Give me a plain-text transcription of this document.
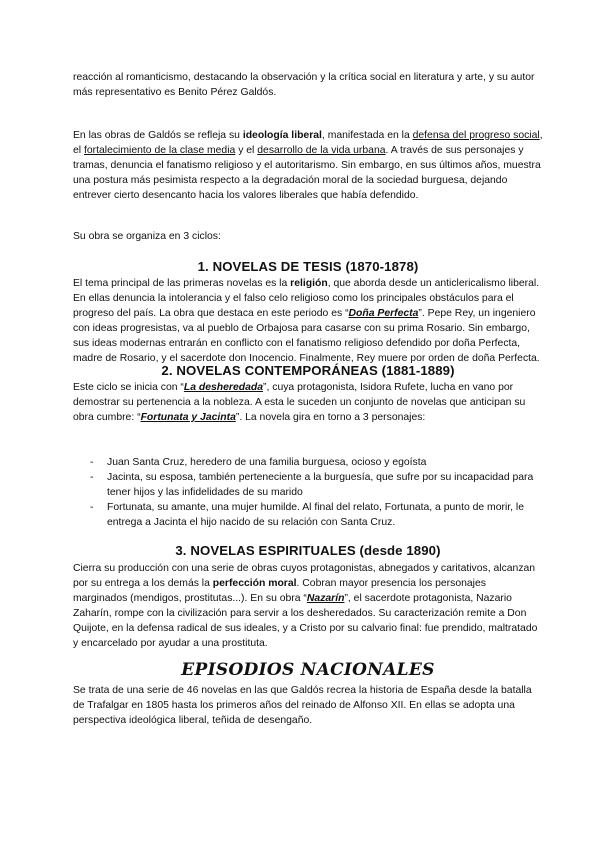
reacción al romanticismo, destacando la observación y la crítica social en literatura y arte, y su autor más representativo es Benito Pérez Galdós.

En las obras de Galdós se refleja su ideología liberal, manifestada en la defensa del progreso social, el fortalecimiento de la clase media y el desarrollo de la vida urbana. A través de sus personajes y tramas, denuncia el fanatismo religioso y el autoritarismo. Sin embargo, en sus últimos años, muestra una postura más pesimista respecto a la degradación moral de la sociedad burguesa, dejando entrever cierto desencanto hacia los valores liberales que había defendido.

Su obra se organiza en 3 ciclos:

1. NOVELAS DE TESIS (1870-1878)

El tema principal de las primeras novelas es la religión, que aborda desde un anticlericalismo liberal. En ellas denuncia la intolerancia y el falso celo religioso como los principales obstáculos para el progreso del país. La obra que destaca en este periodo es “Doña Perfecta”. Pepe Rey, un ingeniero con ideas progresistas, va al pueblo de Orbajosa para casarse con su prima Rosario. Sin embargo, sus ideas modernas entrarán en conflicto con el fanatismo religioso defendido por doña Perfecta, madre de Rosario, y el sacerdote don Inocencio. Finalmente, Rey muere por orden de doña Perfecta.

2. NOVELAS CONTEMPORÁNEAS (1881-1889)

Este ciclo se inicia con “La desheredada”, cuya protagonista, Isidora Rufete, lucha en vano por demostrar su pertenencia a la nobleza. A esta le suceden un conjunto de novelas que anticipan su obra cumbre: “Fortunata y Jacinta”. La novela gira en torno a 3 personajes:

- Juan Santa Cruz, heredero de una familia burguesa, ocioso y egoísta
- Jacinta, su esposa, también perteneciente a la burguesía, que sufre por su incapacidad para tener hijos y las infidelidades de su marido
- Fortunata, su amante, una mujer humilde. Al final del relato, Fortunata, a punto de morir, le entrega a Jacinta el hijo nacido de su relación con Santa Cruz.
3. NOVELAS ESPIRITUALES (desde 1890)

Cierra su producción con una serie de obras cuyos protagonistas, abnegados y caritativos, alcanzan por su entrega a los demás la perfección moral. Cobran mayor presencia los personajes marginados (mendigos, prostitutas...). En su obra “Nazarín”, el sacerdote protagonista, Nazario Zaharín, rompe con la civilización para servir a los desheredados. Su caracterización remite a Don Quijote, en la defensa radical de sus ideales, y a Cristo por su calvario final: fue prendido, maltratado y encarcelado por ayudar a una prostituta.

EPISODIOS NACIONALES

Se trata de una serie de 46 novelas en las que Galdós recrea la historia de España desde la batalla de Trafalgar en 1805 hasta los primeros años del reinado de Alfonso XII. En ellas se adopta una perspectiva ideológica liberal, teñida de desengaño.
